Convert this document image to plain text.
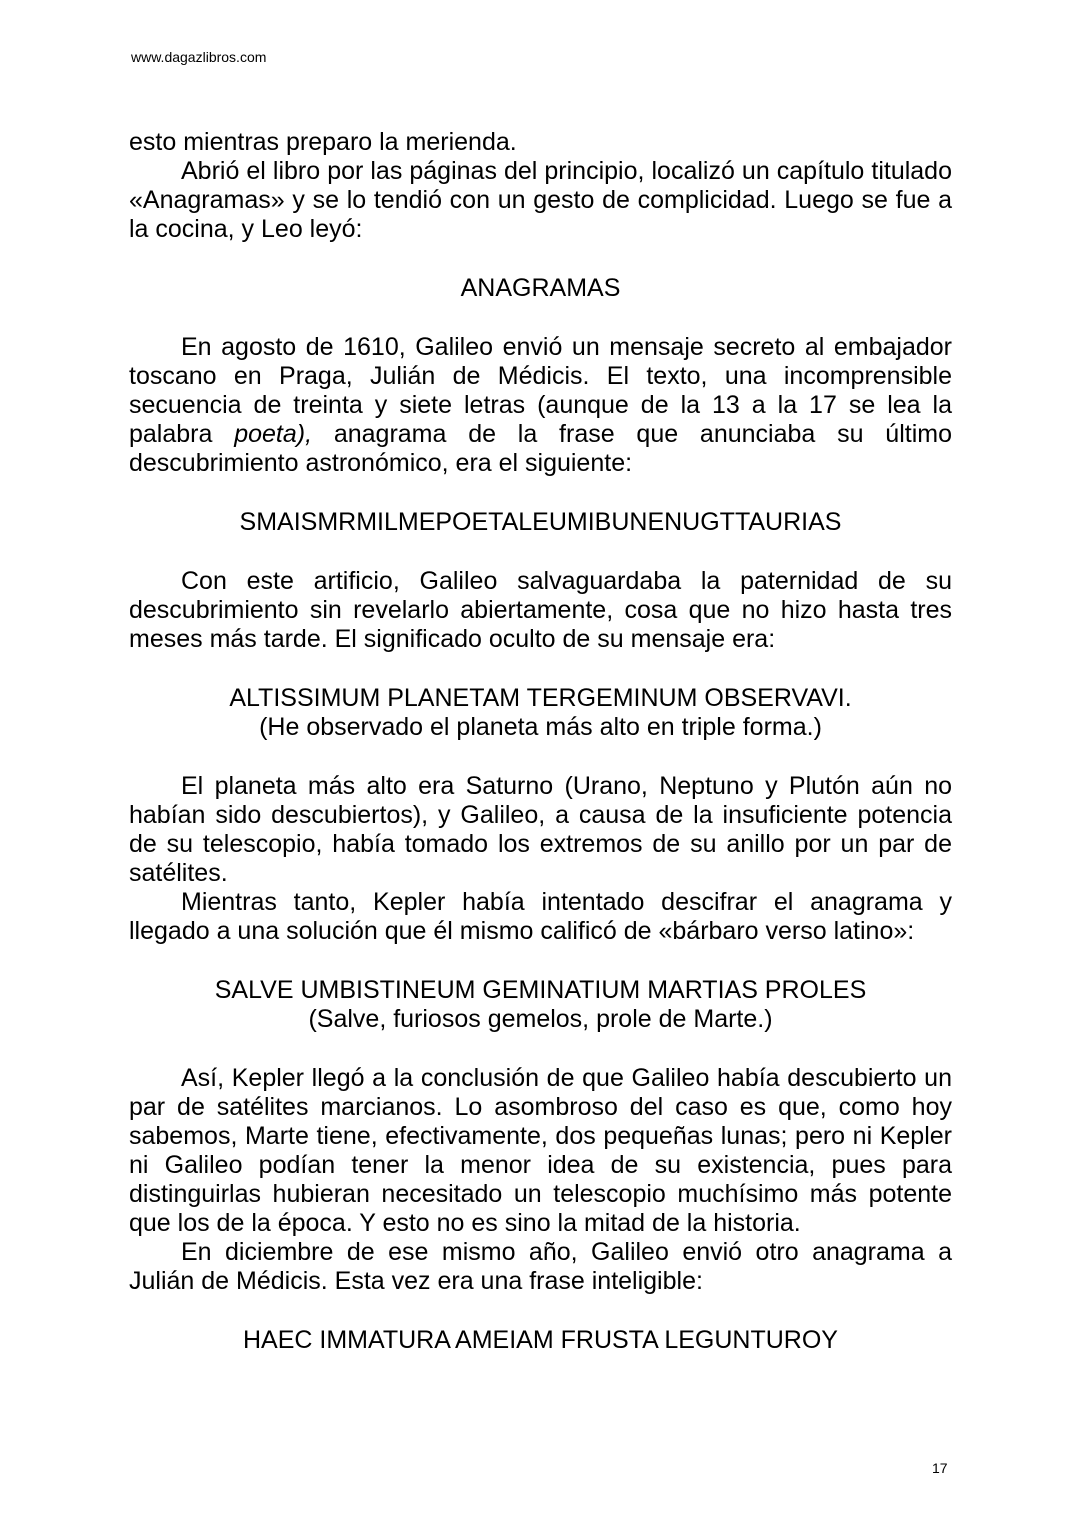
www.dagazlibros.com

esto mientras preparo la merienda.

Abrió el libro por las páginas del principio, localizó un capítulo titulado «Anagramas» y se lo tendió con un gesto de complicidad. Luego se fue a la cocina, y Leo leyó:

ANAGRAMAS

En agosto de 1610, Galileo envió un mensaje secreto al embajador toscano en Praga, Julián de Médicis. El texto, una incomprensible secuencia de treinta y siete letras (aunque de la 13 a la 17 se lea la palabra poeta), anagrama de la frase que anunciaba su último descubrimiento astronómico, era el siguiente:

SMAISMRMILMEPOETALEUMIBUNENUGTTAURIAS

Con este artificio, Galileo salvaguardaba la paternidad de su descubrimiento sin revelarlo abiertamente, cosa que no hizo hasta tres meses más tarde. El significado oculto de su mensaje era:

ALTISSIMUM PLANETAM TERGEMINUM OBSERVAVI.

(He observado el planeta más alto en triple forma.)

El planeta más alto era Saturno (Urano, Neptuno y Plutón aún no habían sido descubiertos), y Galileo, a causa de la insuficiente potencia de su telescopio, había tomado los extremos de su anillo por un par de satélites.

Mientras tanto, Kepler había intentado descifrar el anagrama y llegado a una solución que él mismo calificó de «bárbaro verso latino»:

SALVE UMBISTINEUM GEMINATIUM MARTIAS PROLES

(Salve, furiosos gemelos, prole de Marte.)

Así, Kepler llegó a la conclusión de que Galileo había descubierto un par de satélites marcianos. Lo asombroso del caso es que, como hoy sabemos, Marte tiene, efectivamente, dos pequeñas lunas; pero ni Kepler ni Galileo podían tener la menor idea de su existencia, pues para distinguirlas hubieran necesitado un telescopio muchísimo más potente que los de la época. Y esto no es sino la mitad de la historia.

En diciembre de ese mismo año, Galileo envió otro anagrama a Julián de Médicis. Esta vez era una frase inteligible:

HAEC IMMATURA AMEIAM FRUSTA LEGUNTUROY

17
